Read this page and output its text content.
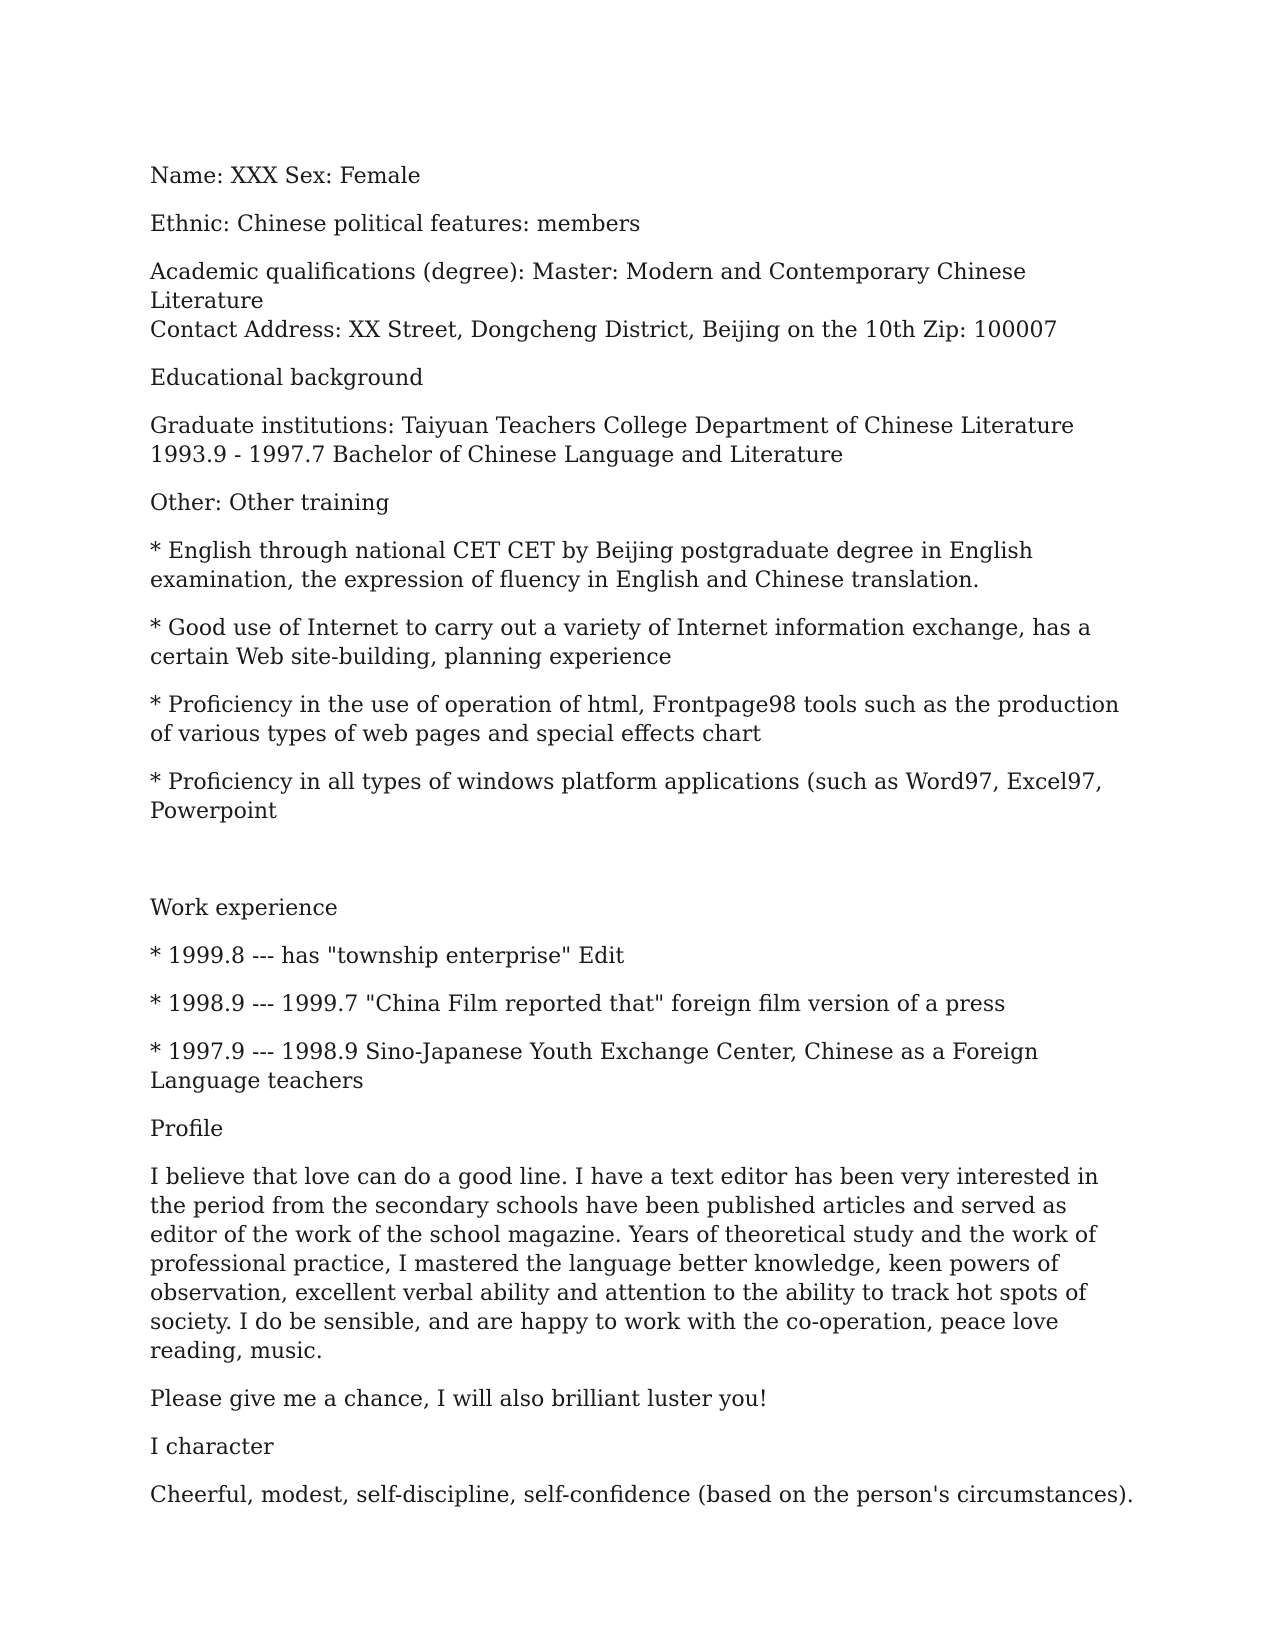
Name: XXX Sex: Female

Ethnic: Chinese political features: members

Academic qualifications (degree): Master: Modern and Contemporary Chinese Literature

Contact Address: XX Street, Dongcheng District, Beijing on the 10th Zip: 100007

Educational background

Graduate institutions: Taiyuan Teachers College Department of Chinese Literature 1993.9 - 1997.7 Bachelor of Chinese Language and Literature

Other: Other training

* English through national CET CET by Beijing postgraduate degree in English examination, the expression of fluency in English and Chinese translation.

* Good use of Internet to carry out a variety of Internet information exchange, has a certain Web site-building, planning experience

* Proficiency in the use of operation of html, Frontpage98 tools such as the production of various types of web pages and special effects chart

* Proficiency in all types of windows platform applications (such as Word97, Excel97, Powerpoint

Work experience

* 1999.8 --- has "township enterprise" Edit

* 1998.9 --- 1999.7 "China Film reported that" foreign film version of a press

* 1997.9 --- 1998.9 Sino-Japanese Youth Exchange Center, Chinese as a Foreign Language teachers

Profile

I believe that love can do a good line. I have a text editor has been very interested in the period from the secondary schools have been published articles and served as editor of the work of the school magazine. Years of theoretical study and the work of professional practice, I mastered the language better knowledge, keen powers of observation, excellent verbal ability and attention to the ability to track hot spots of society. I do be sensible, and are happy to work with the co-operation, peace love reading, music.

Please give me a chance, I will also brilliant luster you!

I character

Cheerful, modest, self-discipline, self-confidence (based on the person's circumstances).
